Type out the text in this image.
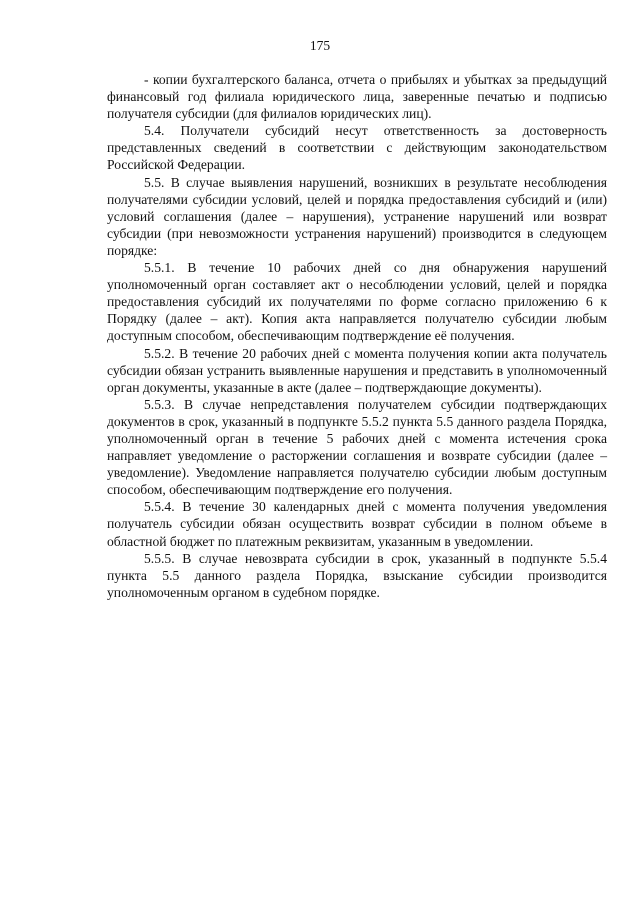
175

- копии бухгалтерского баланса, отчета о прибылях и убытках за предыдущий финансовый год филиала юридического лица, заверенные печатью и подписью получателя субсидии (для филиалов юридических лиц).

5.4. Получатели субсидий несут ответственность за достоверность представленных сведений в соответствии с действующим законодательством Российской Федерации.

5.5. В случае выявления нарушений, возникших в результате несоблюдения получателями субсидии условий, целей и порядка предоставления субсидий и (или) условий соглашения (далее – нарушения), устранение нарушений или возврат субсидии (при невозможности устранения нарушений) производится в следующем порядке:

5.5.1. В течение 10 рабочих дней со дня обнаружения нарушений уполномоченный орган составляет акт о несоблюдении условий, целей и порядка предоставления субсидий их получателями по форме согласно приложению 6 к Порядку (далее – акт). Копия акта направляется получателю субсидии любым доступным способом, обеспечивающим подтверждение её получения.

5.5.2. В течение 20 рабочих дней с момента получения копии акта получатель субсидии обязан устранить выявленные нарушения и представить в уполномоченный орган документы, указанные в акте (далее – подтверждающие документы).

5.5.3. В случае непредставления получателем субсидии подтверждающих документов в срок, указанный в подпункте 5.5.2 пункта 5.5 данного раздела Порядка, уполномоченный орган в течение 5 рабочих дней с момента истечения срока направляет уведомление о расторжении соглашения и возврате субсидии (далее – уведомление). Уведомление направляется получателю субсидии любым доступным способом, обеспечивающим подтверждение его получения.

5.5.4. В течение 30 календарных дней с момента получения уведомления получатель субсидии обязан осуществить возврат субсидии в полном объеме в областной бюджет по платежным реквизитам, указанным в уведомлении.

5.5.5. В случае невозврата субсидии в срок, указанный в подпункте 5.5.4 пункта 5.5 данного раздела Порядка, взыскание субсидии производится уполномоченным органом в судебном порядке.
